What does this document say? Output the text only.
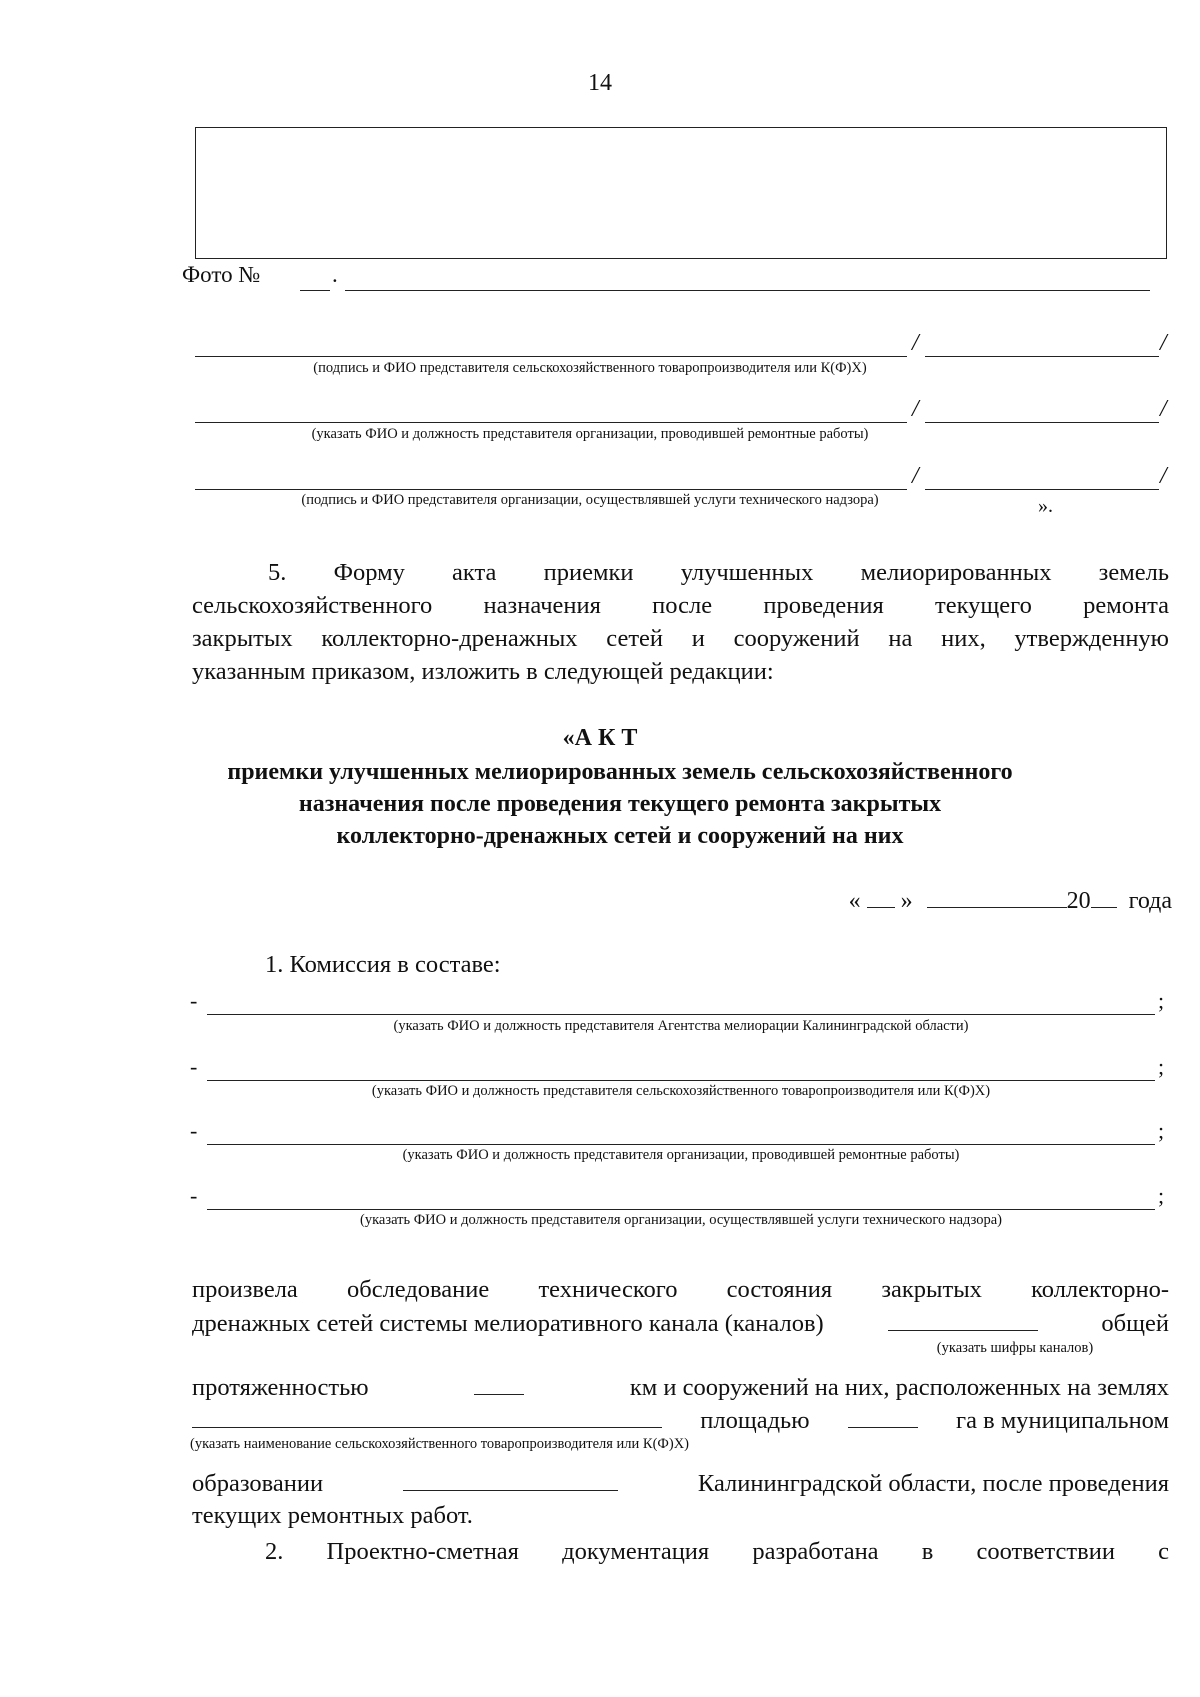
14
Фото №	.
/	/
(подпись и ФИО представителя сельскохозяйственного товаропроизводителя или К(Ф)Х)
/	/
(указать ФИО и должность представителя организации, проводившей ремонтные работы)
/	/
(подпись и ФИО представителя организации, осуществлявшей услуги технического надзора)	».
5. Форму акта приемки улучшенных мелиорированных земель
сельскохозяйственного назначения после проведения текущего ремонта
закрытых коллекторно-дренажных сетей и сооружений на них, утвержденную
указанным приказом, изложить в следующей редакции:
«А К Т
приемки улучшенных мелиорированных земель сельскохозяйственного
назначения после проведения текущего ремонта закрытых
коллекторно-дренажных сетей и сооружений на них
« »	20 года
1. Комиссия в составе:
-	;
(указать ФИО и должность представителя Агентства мелиорации Калининградской области)
-	;
(указать ФИО и должность представителя сельскохозяйственного товаропроизводителя или К(Ф)Х)
-	;
(указать ФИО и должность представителя организации, проводившей ремонтные работы)
-	;
(указать ФИО и должность представителя организации, осуществлявшей услуги технического надзора)
произвела обследование технического состояния закрытых коллекторно-
дренажных сетей системы мелиоративного канала (каналов)	общей
(указать шифры каналов)
протяженностью	км и сооружений на них, расположенных на землях
площадью	га в муниципальном
(указать наименование сельскохозяйственного товаропроизводителя или К(Ф)Х)
образовании	Калининградской области, после проведения
текущих ремонтных работ.
2. Проектно-сметная документация разработана в соответствии с
